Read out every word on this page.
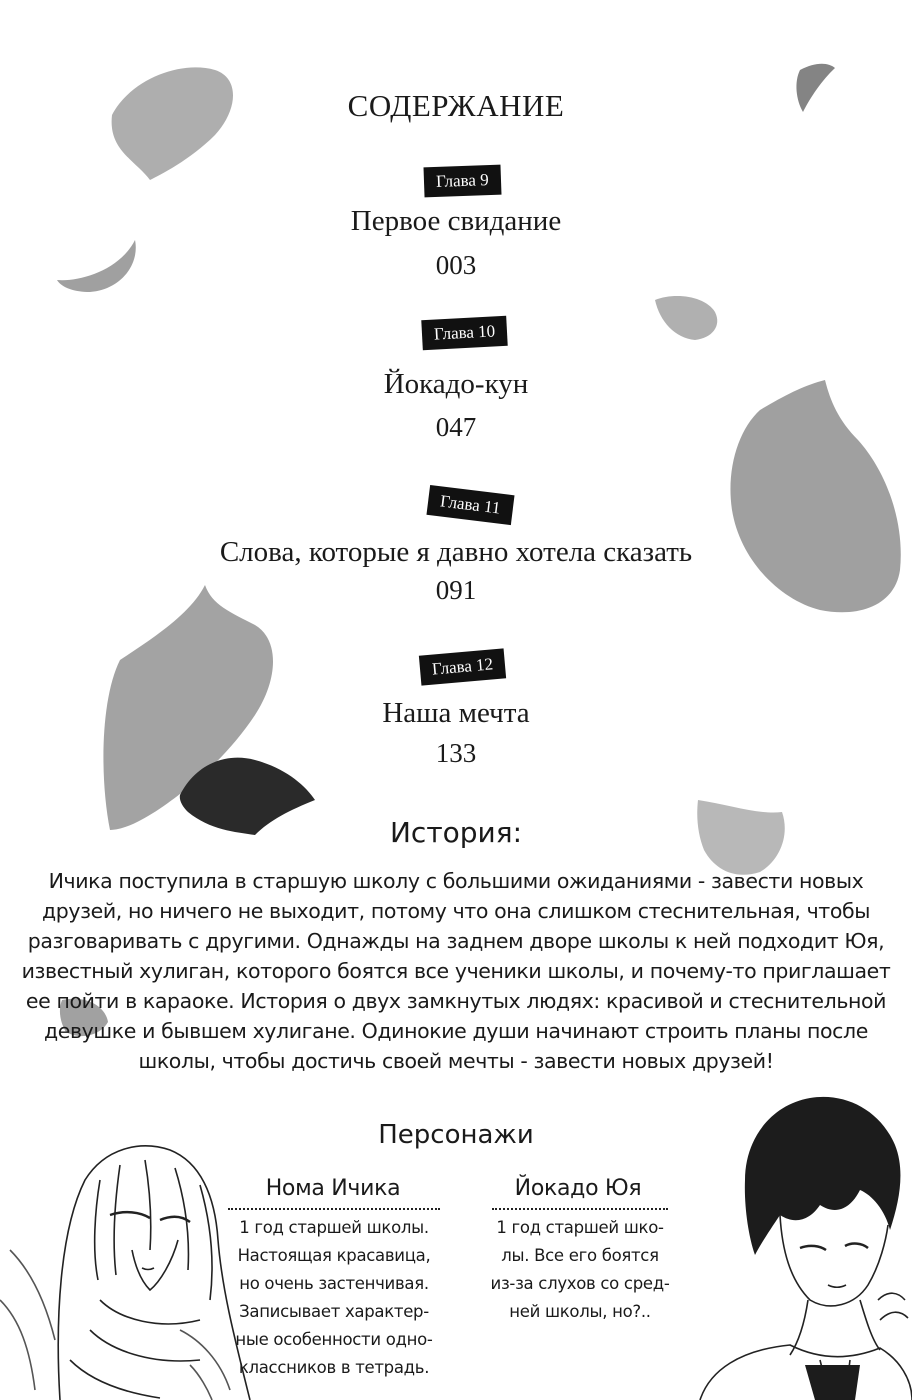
СОДЕРЖАНИЕ
Глава 9
Первое свидание
003
Глава 10
Йокадо-кун
047
Глава 11
Слова, которые я давно хотела сказать
091
Глава 12
Наша мечта
133
История:
Ичика поступила в старшую школу с большими ожиданиями - завести новых
друзей, но ничего не выходит, потому что она слишком стеснительная, чтобы
разговаривать с другими. Однажды на заднем дворе школы к ней подходит Юя,
известный хулиган, которого боятся все ученики школы, и почему-то приглашает
ее пойти в караоке. История о двух замкнутых людях: красивой и стеснительной
девушке и бывшем хулигане. Одинокие души начинают строить планы после
школы, чтобы достичь своей мечты - завести новых друзей!
Персонажи
Нома Ичика
1 год старшей школы.
Настоящая красавица,
но очень застенчивая.
Записывает характер-
ные особенности одно-
классников в тетрадь.
Йокадо Юя
1 год старшей шко-
лы. Все его боятся
из-за слухов со сред-
ней школы, но?..
